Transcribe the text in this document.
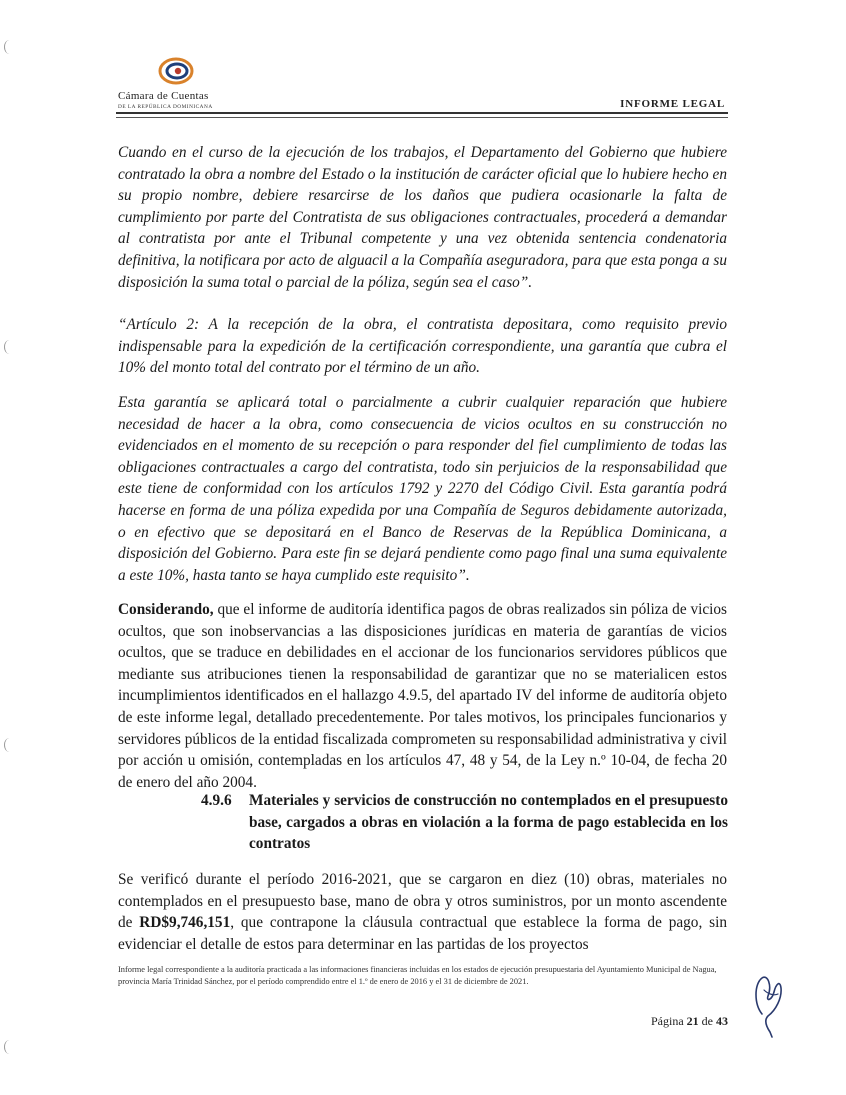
Cámara de Cuentas
DE LA REPÚBLICA DOMINICANA	INFORME LEGAL

Cuando en el curso de la ejecución de los trabajos, el Departamento del Gobierno que hubiere contratado la obra a nombre del Estado o la institución de carácter oficial que lo hubiere hecho en su propio nombre, debiere resarcirse de los daños que pudiera ocasionarle la falta de cumplimiento por parte del Contratista de sus obligaciones contractuales, procederá a demandar al contratista por ante el Tribunal competente y una vez obtenida sentencia condenatoria definitiva, la notificara por acto de alguacil a la Compañía aseguradora, para que esta ponga a su disposición la suma total o parcial de la póliza, según sea el caso”.

“Artículo 2: A la recepción de la obra, el contratista depositara, como requisito previo indispensable para la expedición de la certificación correspondiente, una garantía que cubra el 10% del monto total del contrato por el término de un año.

Esta garantía se aplicará total o parcialmente a cubrir cualquier reparación que hubiere necesidad de hacer a la obra, como consecuencia de vicios ocultos en su construcción no evidenciados en el momento de su recepción o para responder del fiel cumplimiento de todas las obligaciones contractuales a cargo del contratista, todo sin perjuicios de la responsabilidad que este tiene de conformidad con los artículos 1792 y 2270 del Código Civil. Esta garantía podrá hacerse en forma de una póliza expedida por una Compañía de Seguros debidamente autorizada, o en efectivo que se depositará en el Banco de Reservas de la República Dominicana, a disposición del Gobierno. Para este fin se dejará pendiente como pago final una suma equivalente a este 10%, hasta tanto se haya cumplido este requisito”.

Considerando, que el informe de auditoría identifica pagos de obras realizados sin póliza de vicios ocultos, que son inobservancias a las disposiciones jurídicas en materia de garantías de vicios ocultos, que se traduce en debilidades en el accionar de los funcionarios servidores públicos que mediante sus atribuciones tienen la responsabilidad de garantizar que no se materialicen estos incumplimientos identificados en el hallazgo 4.9.5, del apartado IV del informe de auditoría objeto de este informe legal, detallado precedentemente. Por tales motivos, los principales funcionarios y servidores públicos de la entidad fiscalizada comprometen su responsabilidad administrativa y civil por acción u omisión, contempladas en los artículos 47, 48 y 54, de la Ley n.º 10-04, de fecha 20 de enero del año 2004.

4.9.6 Materiales y servicios de construcción no contemplados en el presupuesto base, cargados a obras en violación a la forma de pago establecida en los contratos

Se verificó durante el período 2016-2021, que se cargaron en diez (10) obras, materiales no contemplados en el presupuesto base, mano de obra y otros suministros, por un monto ascendente de RD$9,746,151, que contrapone la cláusula contractual que establece la forma de pago, sin evidenciar el detalle de estos para determinar en las partidas de los proyectos

Informe legal correspondiente a la auditoría practicada a las informaciones financieras incluidas en los estados de ejecución presupuestaria del Ayuntamiento Municipal de Nagua, provincia María Trinidad Sánchez, por el período comprendido entre el 1.º de enero de 2016 y el 31 de diciembre de 2021.

Página 21 de 43
